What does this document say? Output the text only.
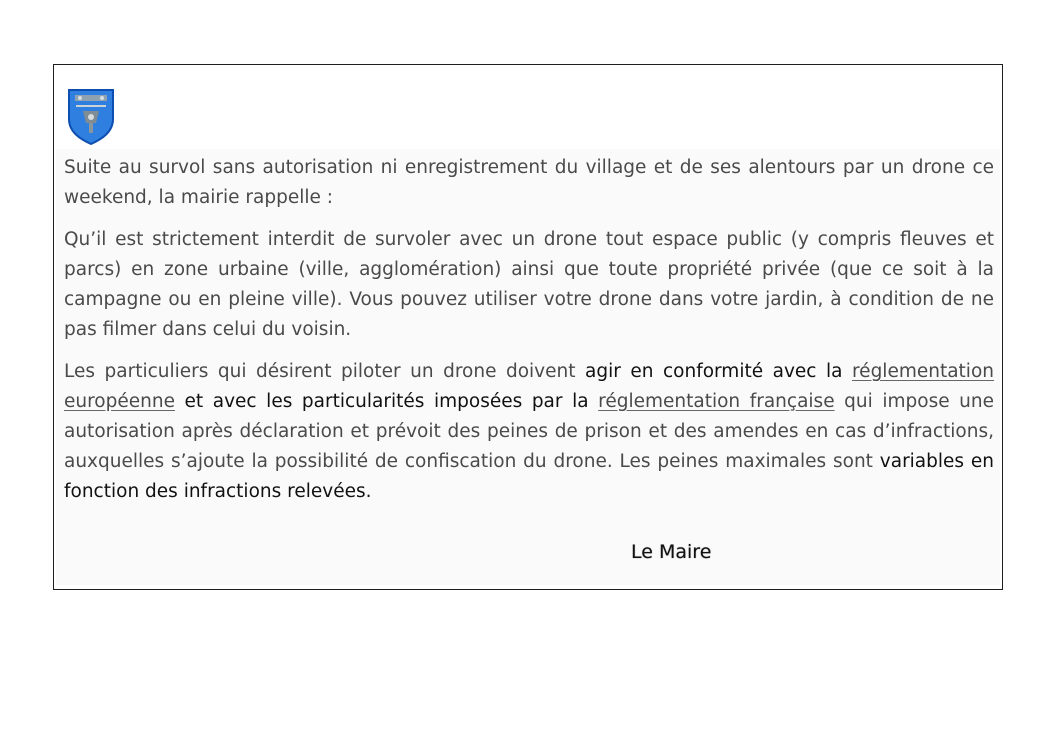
Suite au survol sans autorisation ni enregistrement du village et de ses alentours par un drone ce weekend, la mairie rappelle :

Qu’il est strictement interdit de survoler avec un drone tout espace public (y compris fleuves et parcs) en zone urbaine (ville, agglomération) ainsi que toute propriété privée (que ce soit à la campagne ou en pleine ville). Vous pouvez utiliser votre drone dans votre jardin, à condition de ne pas filmer dans celui du voisin.

Les particuliers qui désirent piloter un drone doivent agir en conformité avec la réglementation européenne et avec les particularités imposées par la réglementation française qui impose une autorisation après déclaration et prévoit des peines de prison et des amendes en cas d’infractions, auxquelles s’ajoute la possibilité de confiscation du drone. Les peines maximales sont variables en fonction des infractions relevées.

Le Maire
